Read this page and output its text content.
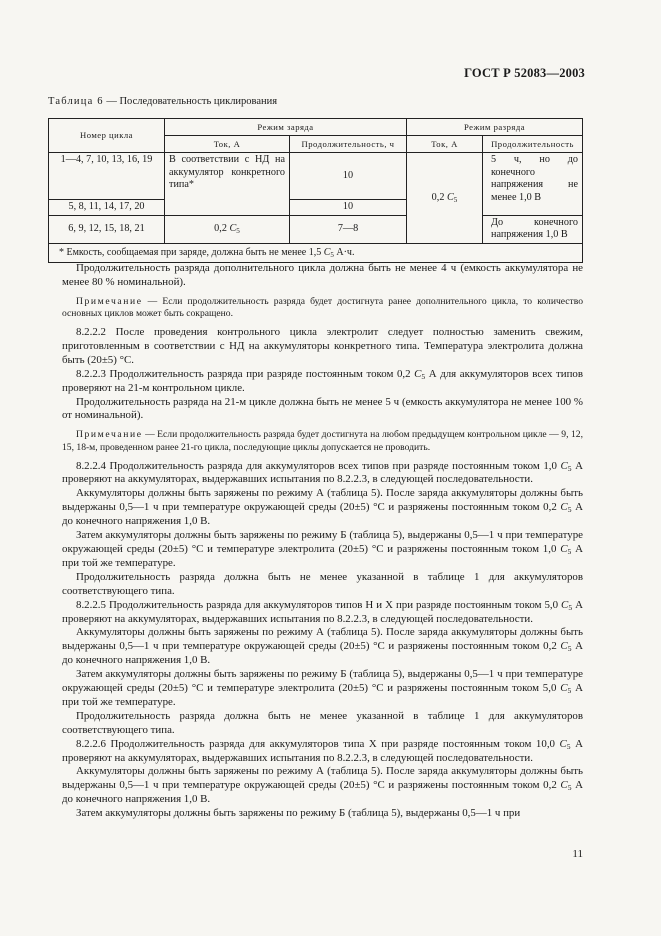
ГОСТ Р 52083—2003
Таблица 6 — Последовательность циклирования
Номер цикла	Режим заряда		Режим разряда	
	Ток, А	Продолжительность, ч	Ток, А	Продолжительность
1—4, 7, 10, 13, 16, 19	В соответствии с НД на аккумулятор конкретного типа*	10	0,2 $C_5$	5 ч, но до конечного напряжения не менее 1,0 В
5, 8, 11, 14, 17, 20		10		
6, 9, 12, 15, 18, 21	0,2 $C_5$	7—8		До конечного напряжения 1,0 В
* Емкость, сообщаемая при заряде, должна быть не менее 1,5 $C_5$ А·ч.				

Продолжительность разряда дополнительного цикла должна быть не менее 4 ч (емкость аккумулятора не менее 80 % номинальной).

Примечание — Если продолжительность разряда будет достигнута ранее дополнительного цикла, то количество основных циклов может быть сокращено.

8.2.2.2 После проведения контрольного цикла электролит следует полностью заменить свежим, приготовленным в соответствии с НД на аккумуляторы конкретного типа. Температура электролита должна быть (20±5) °С.

8.2.2.3 Продолжительность разряда при разряде постоянным током 0,2 $C_5$ А для аккумуляторов всех типов проверяют на 21-м контрольном цикле.

Продолжительность разряда на 21-м цикле должна быть не менее 5 ч (емкость аккумулятора не менее 100 % от номинальной).

Примечание — Если продолжительность разряда будет достигнута на любом предыдущем контрольном цикле — 9, 12, 15, 18-м, проведенном ранее 21-го цикла, последующие циклы допускается не проводить.

8.2.2.4 Продолжительность разряда для аккумуляторов всех типов при разряде постоянным током 1,0 $C_5$ А проверяют на аккумуляторах, выдержавших испытания по 8.2.2.3, в следующей последовательности.

Аккумуляторы должны быть заряжены по режиму А (таблица 5). После заряда аккумуляторы должны быть выдержаны 0,5—1 ч при температуре окружающей среды (20±5) °С и разряжены постоянным током 0,2 $C_5$ А до конечного напряжения 1,0 В.

Затем аккумуляторы должны быть заряжены по режиму Б (таблица 5), выдержаны 0,5—1 ч при температуре окружающей среды (20±5) °С и температуре электролита (20±5) °С и разряжены постоянным током 1,0 $C_5$ А при той же температуре.

Продолжительность разряда должна быть не менее указанной в таблице 1 для аккумуляторов соответствующего типа.

8.2.2.5 Продолжительность разряда для аккумуляторов типов Н и Х при разряде постоянным током 5,0 $C_5$ А проверяют на аккумуляторах, выдержавших испытания по 8.2.2.3, в следующей последовательности.

Аккумуляторы должны быть заряжены по режиму А (таблица 5). После заряда аккумуляторы должны быть выдержаны 0,5—1 ч при температуре окружающей среды (20±5) °С и разряжены постоянным током 0,2 $C_5$ А до конечного напряжения 1,0 В.

Затем аккумуляторы должны быть заряжены по режиму Б (таблица 5), выдержаны 0,5—1 ч при температуре окружающей среды (20±5) °С и температуре электролита (20±5) °С и разряжены постоянным током 5,0 $C_5$ А при той же температуре.

Продолжительность разряда должна быть не менее указанной в таблице 1 для аккумуляторов соответствующего типа.

8.2.2.6 Продолжительность разряда для аккумуляторов типа Х при разряде постоянным током 10,0 $C_5$ А проверяют на аккумуляторах, выдержавших испытания по 8.2.2.3, в следующей последовательности.

Аккумуляторы должны быть заряжены по режиму А (таблица 5). После заряда аккумуляторы должны быть выдержаны 0,5—1 ч при температуре окружающей среды (20±5) °С и разряжены постоянным током 0,2 $C_5$ А до конечного напряжения 1,0 В.

Затем аккумуляторы должны быть заряжены по режиму Б (таблица 5), выдержаны 0,5—1 ч при

11
